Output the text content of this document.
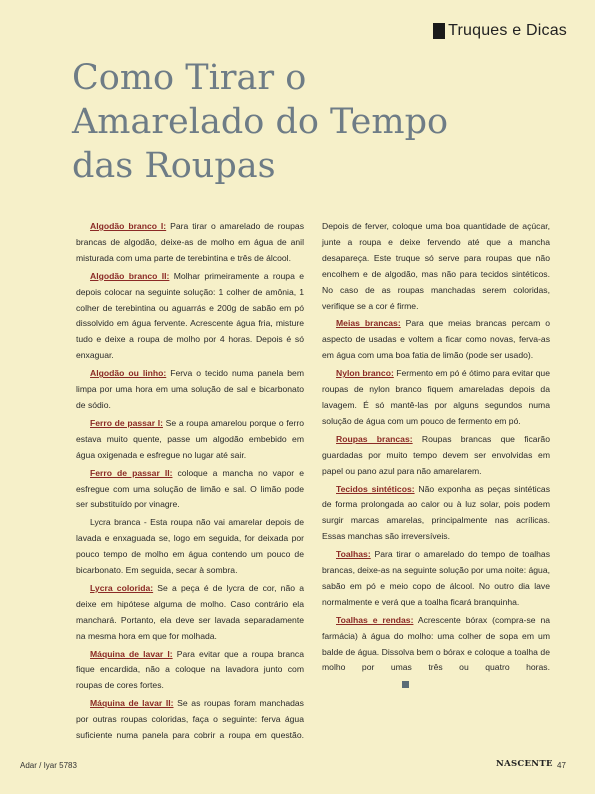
Truques e Dicas
Como Tirar o
Amarelado do Tempo
das Roupas

Algodão branco I: Para tirar o amarelado de roupas brancas de algodão, deixe-as de molho em água de anil misturada com uma parte de terebintina e três de álcool.

Algodão branco II: Molhar primeiramente a roupa e depois colocar na seguinte solução: 1 colher de amônia, 1 colher de terebintina ou aguarrás e 200g de sabão em pó dissolvido em água fervente. Acrescente água fria, misture tudo e deixe a roupa de molho por 4 horas. Depois é só enxaguar.

Algodão ou linho: Ferva o tecido numa panela bem limpa por uma hora em uma solução de sal e bicarbonato de sódio.

Ferro de passar I: Se a roupa amarelou porque o ferro estava muito quente, passe um algodão embebido em água oxigenada e esfregue no lugar até sair.

Ferro de passar II: coloque a mancha no vapor e esfregue com uma solução de limão e sal. O limão pode ser substituído por vinagre.

Lycra branca - Esta roupa não vai amarelar depois de lavada e enxaguada se, logo em seguida, for deixada por pouco tempo de molho em água contendo um pouco de bicarbonato. Em seguida, secar à sombra.

Lycra colorida: Se a peça é de lycra de cor, não a deixe em hipótese alguma de molho. Caso contrário ela manchará. Portanto, ela deve ser lavada separadamente na mesma hora em que for molhada.

Máquina de lavar I: Para evitar que a roupa branca fique encardida, não a coloque na lavadora junto com roupas de cores fortes.

Máquina de lavar II: Se as roupas foram manchadas por outras roupas coloridas, faça o seguinte: ferva água suficiente numa panela para cobrir a roupa em questão. Depois de ferver, coloque uma boa quantidade de açúcar, junte a roupa e deixe fervendo até que a mancha desapareça. Este truque só serve para roupas que não encolhem e de algodão, mas não para tecidos sintéticos. No caso de as roupas manchadas serem coloridas, verifique se a cor é firme.

Meias brancas: Para que meias brancas percam o aspecto de usadas e voltem a ficar como novas, ferva-as em água com uma boa fatia de limão (pode ser usado).

Nylon branco: Fermento em pó é ótimo para evitar que roupas de nylon branco fiquem amareladas depois da lavagem. É só mantê-las por alguns segundos numa solução de água com um pouco de fermento em pó.

Roupas brancas: Roupas brancas que ficarão guardadas por muito tempo devem ser envolvidas em papel ou pano azul para não amarelarem.

Tecidos sintéticos: Não exponha as peças sintéticas de forma prolongada ao calor ou à luz solar, pois podem surgir marcas amarelas, principalmente nas acrílicas. Essas manchas são irreversíveis.

Toalhas: Para tirar o amarelado do tempo de toalhas brancas, deixe-as na seguinte solução por uma noite: água, sabão em pó e meio copo de álcool. No outro dia lave normalmente e verá que a toalha ficará branquinha.

Toalhas e rendas: Acrescente bórax (compra-se na farmácia) à água do molho: uma colher de sopa em um balde de água. Dissolva bem o bórax e coloque a toalha de molho por umas três ou quatro horas.

Adar / Iyar 5783	NASCENTE 47
